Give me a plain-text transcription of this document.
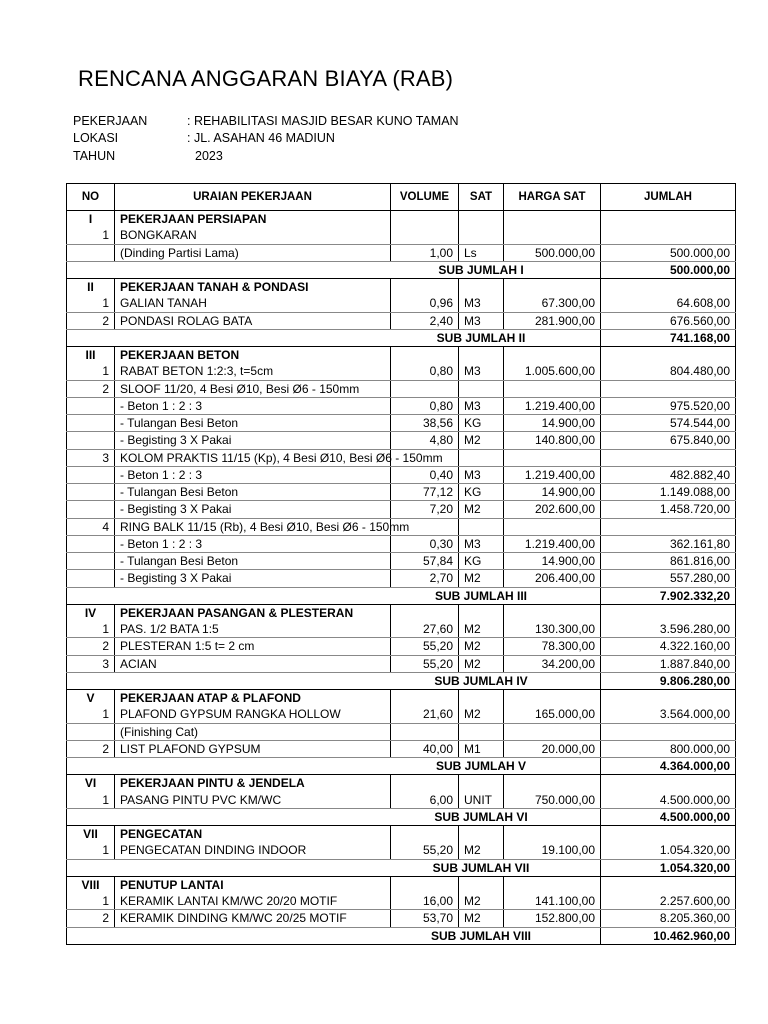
RENCANA ANGGARAN BIAYA (RAB)
PEKERJAAN	: REHABILITASI MASJID BESAR KUNO TAMAN
LOKASI	: JL. ASAHAN 46 MADIUN
TAHUN	2023
NO	URAIAN PEKERJAAN	VOLUME	SAT	HARGA SAT	JUMLAH
I	PEKERJAAN PERSIAPAN				
1	BONGKARAN				
	(Dinding Partisi Lama)	1,00	Ls	500.000,00	500.000,00
SUB JUMLAH I					500.000,00
II	PEKERJAAN TANAH & PONDASI				
1	GALIAN TANAH	0,96	M3	67.300,00	64.608,00
2	PONDASI ROLAG BATA	2,40	M3	281.900,00	676.560,00
SUB JUMLAH II					741.168,00
III	PEKERJAAN BETON				
1	RABAT BETON 1:2:3, t=5cm	0,80	M3	1.005.600,00	804.480,00
2	SLOOF 11/20, 4 Besi Ø10, Besi Ø6 - 150mm				
	- Beton 1 : 2 : 3	0,80	M3	1.219.400,00	975.520,00
	- Tulangan Besi Beton	38,56	KG	14.900,00	574.544,00
	- Begisting 3 X Pakai	4,80	M2	140.800,00	675.840,00
3	KOLOM PRAKTIS 11/15 (Kp), 4 Besi Ø10, Besi Ø6 - 150mm				
	- Beton 1 : 2 : 3	0,40	M3	1.219.400,00	482.882,40
	- Tulangan Besi Beton	77,12	KG	14.900,00	1.149.088,00
	- Begisting 3 X Pakai	7,20	M2	202.600,00	1.458.720,00
4	RING BALK 11/15 (Rb), 4 Besi Ø10, Besi Ø6 - 150mm				
	- Beton 1 : 2 : 3	0,30	M3	1.219.400,00	362.161,80
	- Tulangan Besi Beton	57,84	KG	14.900,00	861.816,00
	- Begisting 3 X Pakai	2,70	M2	206.400,00	557.280,00
SUB JUMLAH III					7.902.332,20
IV	PEKERJAAN PASANGAN & PLESTERAN				
1	PAS. 1/2 BATA 1:5	27,60	M2	130.300,00	3.596.280,00
2	PLESTERAN 1:5 t= 2 cm	55,20	M2	78.300,00	4.322.160,00
3	ACIAN	55,20	M2	34.200,00	1.887.840,00
SUB JUMLAH IV					9.806.280,00
V	PEKERJAAN ATAP & PLAFOND				
1	PLAFOND GYPSUM RANGKA HOLLOW	21,60	M2	165.000,00	3.564.000,00
	(Finishing Cat)				
2	LIST PLAFOND GYPSUM	40,00	M1	20.000,00	800.000,00
SUB JUMLAH V					4.364.000,00
VI	PEKERJAAN PINTU & JENDELA				
1	PASANG PINTU PVC KM/WC	6,00	UNIT	750.000,00	4.500.000,00
SUB JUMLAH VI					4.500.000,00
VII	PENGECATAN				
1	PENGECATAN DINDING INDOOR	55,20	M2	19.100,00	1.054.320,00
SUB JUMLAH VII					1.054.320,00
VIII	PENUTUP LANTAI				
1	KERAMIK LANTAI KM/WC 20/20 MOTIF	16,00	M2	141.100,00	2.257.600,00
2	KERAMIK DINDING KM/WC 20/25 MOTIF	53,70	M2	152.800,00	8.205.360,00
SUB JUMLAH VIII					10.462.960,00
